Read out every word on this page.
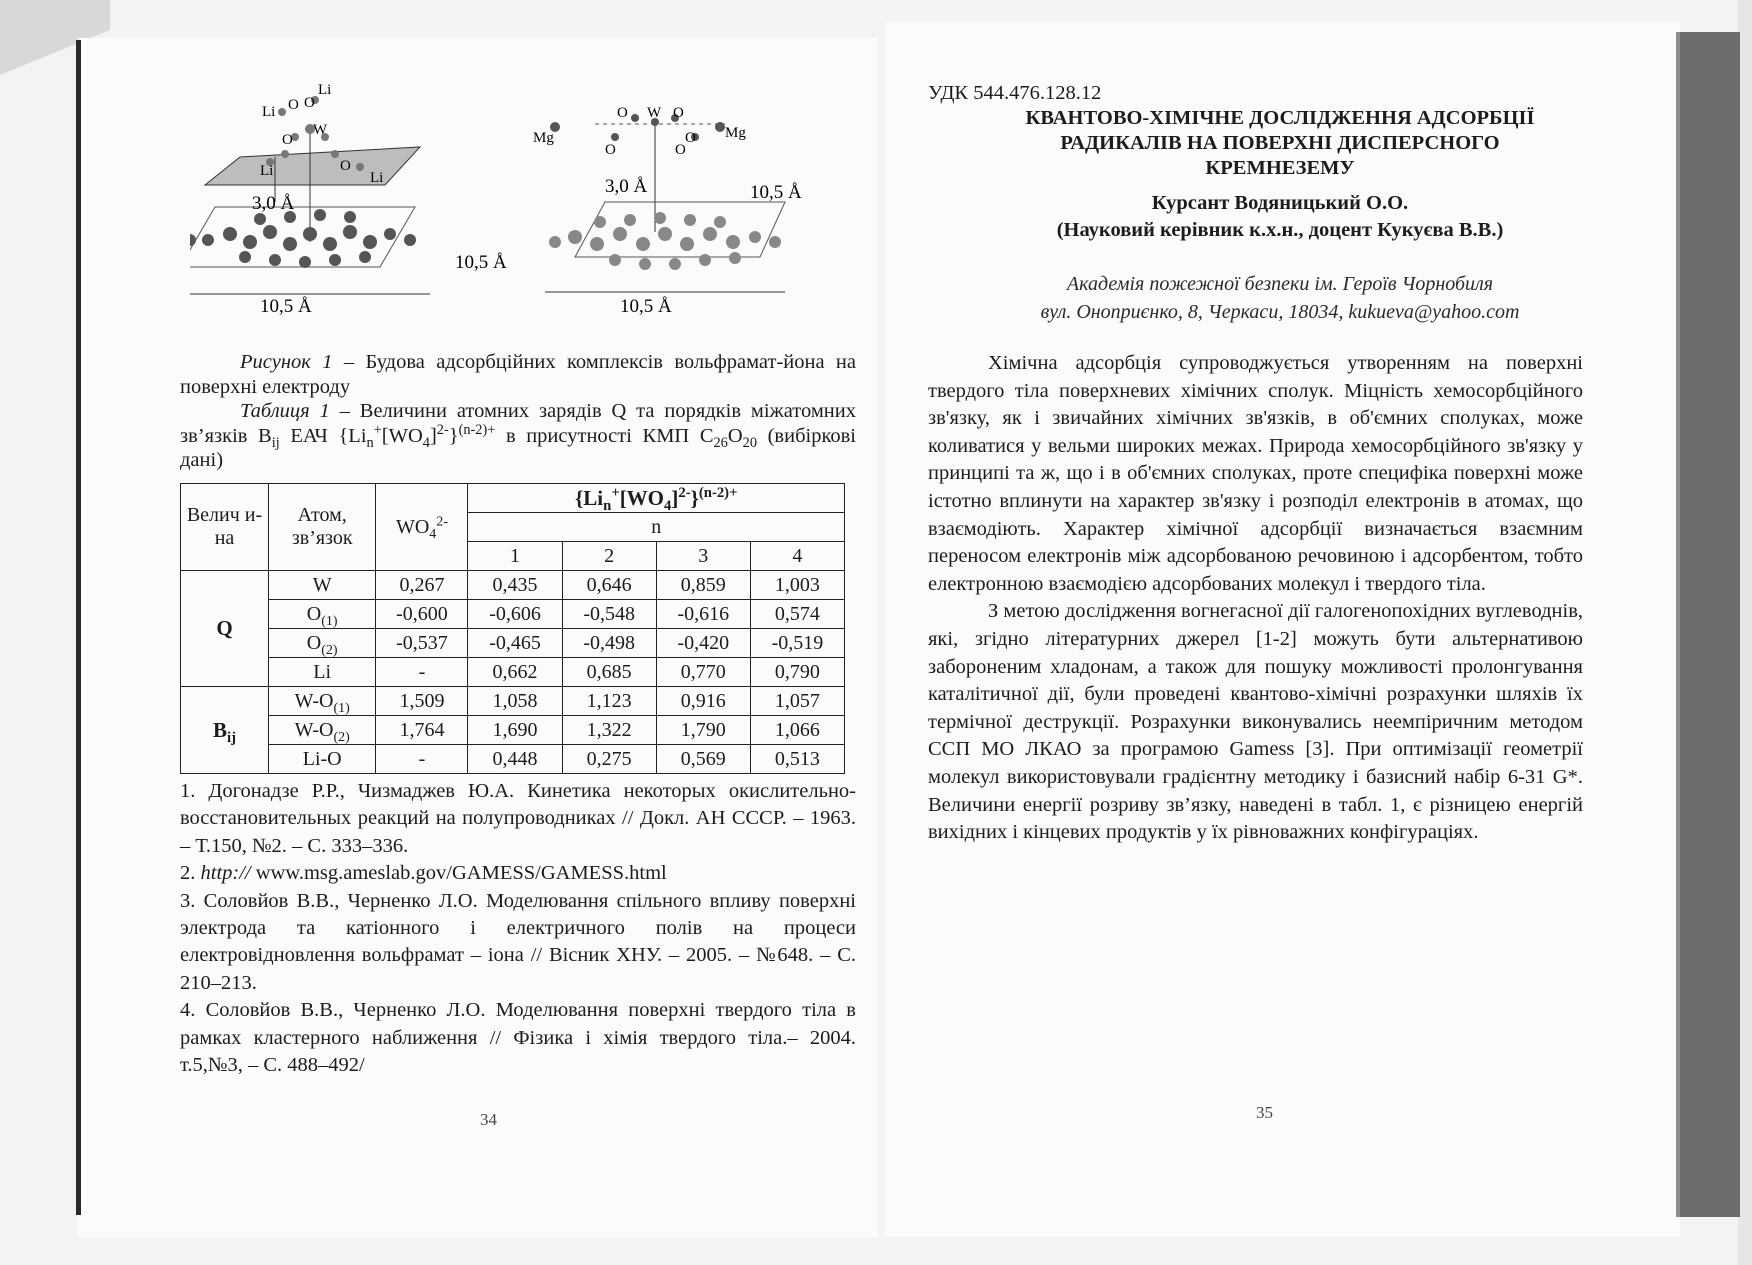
Li
Li O O
W
O
O
Li	Li
3,0 Å
10,5 Å
10,5 Å
O W O
Mg
O	O
Mg
O
3,0 Å	10,5 Å
10,5 Å

Рисунок 1 – Будова адсорбційних комплексів вольфрамат-йона на поверхні електроду

Таблиця 1 – Величини атомних зарядів Q та порядків міжатомних зв’язків $B_{ij}$ ЕАЧ $\{Li_n^+[WO_4]^{2-}\}^{(n-2)+}$ в присутності КМП $C_{26}O_{20}$ (вибіркові дані)

Велич и-на	Атом, зв’язок	$WO_4^{2-}$	$\{Li_n^+[WO_4]^{2-}\}^{(n-2)+}$
			n			
			1	2	3	4
Q	W	0,267	0,435	0,646	0,859	1,003
	$O_{(1)}$	-0,600	-0,606	-0,548	-0,616	0,574
	$O_{(2)}$	-0,537	-0,465	-0,498	-0,420	-0,519
	Li	-	0,662	0,685	0,770	0,790
$B_{ij}$	$W-O_{(1)}$	1,509	1,058	1,123	0,916	1,057
	$W-O_{(2)}$	1,764	1,690	1,322	1,790	1,066
	Li-O	-	0,448	0,275	0,569	0,513

1. Догонадзе Р.Р., Чизмаджев Ю.А. Кинетика некоторых окислительно-восстановительных реакций на полупроводниках // Докл. АН СССР. – 1963. – Т.150, №2. – С. 333–336.

2. http:// www.msg.ameslab.gov/GAMESS/GAMESS.html

3. Соловйов В.В., Черненко Л.О. Моделювання спільного впливу поверхні электрода та катіонного і електричного полів на процеси електровідновлення вольфрамат – іона // Вісник ХНУ. – 2005. – №648. – С. 210–213.

4. Соловйов В.В., Черненко Л.О. Моделювання поверхні твердого тіла в рамках кластерного наближення // Фізика і хімія твердого тіла.– 2004. т.5,№3, – С. 488–492/

34
УДК 544.476.128.12
КВАНТОВО-ХІМІЧНЕ ДОСЛІДЖЕННЯ АДСОРБЦІЇ
РАДИКАЛІВ НА ПОВЕРХНІ ДИСПЕРСНОГО
КРЕМНЕЗЕМУ
Курсант Водяницький О.О.
(Науковий керівник к.х.н., доцент Кукуєва В.В.)
Академія пожежної безпеки ім. Героїв Чорнобиля
вул. Оноприєнко, 8, Черкаси, 18034, kukueva@yahoo.com

Хімічна адсорбція супроводжується утворенням на поверхні твердого тіла поверхневих хімічних сполук. Міцність хемосорбційного зв'язку, як і звичайних хімічних зв'язків, в об'ємних сполуках, може коливатися у вельми широких межах. Природа хемосорбційного зв'язку у принципі та ж, що і в об'ємних сполуках, проте специфіка поверхні може істотно вплинути на характер зв'язку і розподіл електронів в атомах, що взаємодіють. Характер хімічної адсорбції визначається взаємним переносом електронів між адсорбованою речовиною і адсорбентом, тобто електронною взаємодією адсорбованих молекул і твердого тіла.

З метою дослідження вогнегасної дії галогенопохідних вуглеводнів, які, згідно літературних джерел [1-2] можуть бути альтернативою забороненим хладонам, а також для пошуку можливості пролонгування каталітичної дії, були проведені квантово-хімічні розрахунки шляхів їх термічної деструкції. Розрахунки виконувались неемпіричним методом ССП МО ЛКАО за програмою Gamess [3]. При оптимізації геометрії молекул використовували градієнтну методику і базисний набір 6-31 G*. Величини енергії розриву зв’язку, наведені в табл. 1, є різницею енергій вихідних і кінцевих продуктів у їх рівноважних конфігураціях.

35
